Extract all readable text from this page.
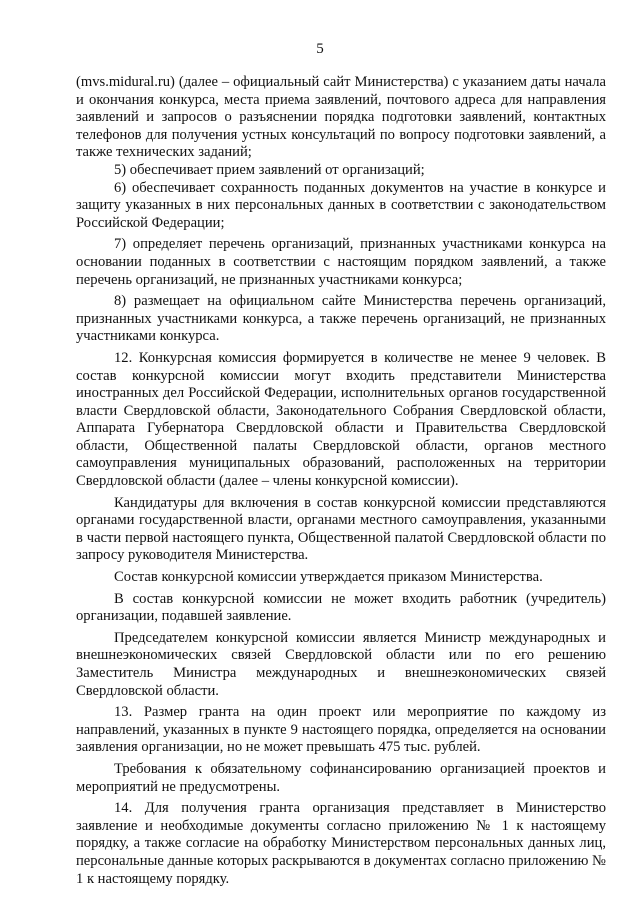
5

(mvs.midural.ru) (далее – официальный сайт Министерства) с указанием даты начала и окончания конкурса, места приема заявлений, почтового адреса для направления заявлений и запросов о разъяснении порядка подготовки заявлений, контактных телефонов для получения устных консультаций по вопросу подготовки заявлений, а также технических заданий;

5) обеспечивает прием заявлений от организаций;

6) обеспечивает сохранность поданных документов на участие в конкурсе и защиту указанных в них персональных данных в соответствии с законодательством Российской Федерации;

7) определяет перечень организаций, признанных участниками конкурса на основании поданных в соответствии с настоящим порядком заявлений, а также перечень организаций, не признанных участниками конкурса;

8) размещает на официальном сайте Министерства перечень организаций, признанных участниками конкурса, а также перечень организаций, не признанных участниками конкурса.

12. Конкурсная комиссия формируется в количестве не менее 9 человек. В состав конкурсной комиссии могут входить представители Министерства иностранных дел Российской Федерации, исполнительных органов государственной власти Свердловской области, Законодательного Собрания Свердловской области, Аппарата Губернатора Свердловской области и Правительства Свердловской области, Общественной палаты Свердловской области, органов местного самоуправления муниципальных образований, расположенных на территории Свердловской области (далее – члены конкурсной комиссии).

Кандидатуры для включения в состав конкурсной комиссии представляются органами государственной власти, органами местного самоуправления, указанными в части первой настоящего пункта, Общественной палатой Свердловской области по запросу руководителя Министерства.

Состав конкурсной комиссии утверждается приказом Министерства.

В состав конкурсной комиссии не может входить работник (учредитель) организации, подавшей заявление.

Председателем конкурсной комиссии является Министр международных и внешнеэкономических связей Свердловской области или по его решению Заместитель Министра международных и внешнеэкономических связей Свердловской области.

13. Размер гранта на один проект или мероприятие по каждому из направлений, указанных в пункте 9 настоящего порядка, определяется на основании заявления организации, но не может превышать 475 тыс. рублей.

Требования к обязательному софинансированию организацией проектов и мероприятий не предусмотрены.

14. Для получения гранта организация представляет в Министерство заявление и необходимые документы согласно приложению № 1 к настоящему порядку, а также согласие на обработку Министерством персональных данных лиц, персональные данные которых раскрываются в документах согласно приложению № 1 к настоящему порядку.
